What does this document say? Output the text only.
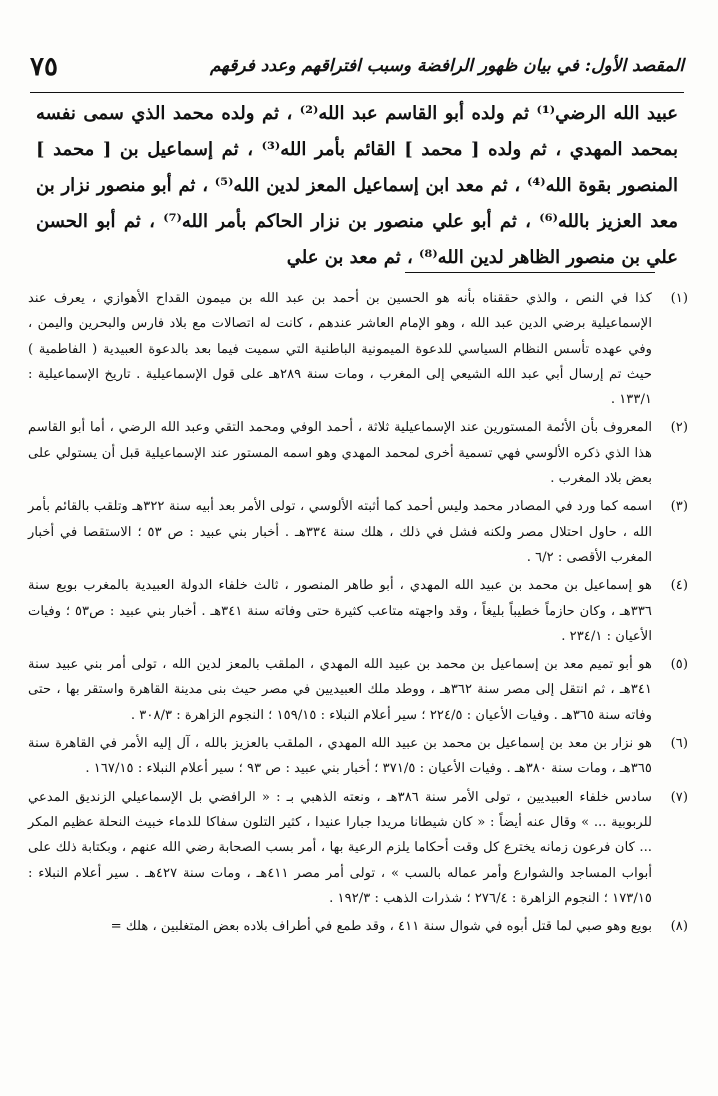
٧٥	المقصد الأول: في بيان ظهور الرافضة وسبب افتراقهم وعدد فرقهم

عبيد الله الرضي⁽¹⁾ ثم ولده أبو القاسم عبد الله⁽²⁾ ، ثم ولده محمد الذي سمى نفسه بمحمد المهدي ، ثم ولده [ محمد ] القائم بأمر الله⁽³⁾ ، ثم إسماعيل بن [ محمد ] المنصور بقوة الله⁽⁴⁾ ، ثم معد ابن إسماعيل المعز لدين الله⁽⁵⁾ ، ثم أبو منصور نزار بن معد العزيز بالله⁽⁶⁾ ، ثم أبو علي منصور بن نزار الحاكم بأمر الله⁽⁷⁾ ، ثم أبو الحسن علي بن منصور الظاهر لدين الله⁽⁸⁾ ، ثم معد بن علي

(١)
كذا في النص ، والذي حققناه بأنه هو الحسين بن أحمد بن عبد الله بن ميمون القداح الأهوازي ، يعرف عند الإسماعيلية برضي الدين عبد الله ، وهو الإمام العاشر عندهم ، كانت له اتصالات مع بلاد فارس والبحرين واليمن ، وفي عهده تأسس النظام السياسي للدعوة الميمونية الباطنية التي سميت فيما بعد بالدعوة العبيدية ( الفاطمية ) حيث تم إرسال أبي عبد الله الشيعي إلى المغرب ، ومات سنة ٢٨٩هـ على قول الإسماعيلية . تاريخ الإسماعيلية : ١٣٣/١ .
(٢)
المعروف بأن الأئمة المستورين عند الإسماعيلية ثلاثة ، أحمد الوفي ومحمد التقي وعبد الله الرضي ، أما أبو القاسم هذا الذي ذكره الألوسي فهي تسمية أخرى لمحمد المهدي وهو اسمه المستور عند الإسماعيلية قبل أن يستولي على بعض بلاد المغرب .
(٣)
اسمه كما ورد في المصادر محمد وليس أحمد كما أثبته الألوسي ، تولى الأمر بعد أبيه سنة ٣٢٢هـ وتلقب بالقائم بأمر الله ، حاول احتلال مصر ولكنه فشل في ذلك ، هلك سنة ٣٣٤هـ . أخبار بني عبيد : ص ٥٣ ؛ الاستقصا في أخبار المغرب الأقصى : ٦/٢ .
(٤)
هو إسماعيل بن محمد بن عبيد الله المهدي ، أبو طاهر المنصور ، ثالث خلفاء الدولة العبيدية بالمغرب بويع سنة ٣٣٦هـ ، وكان حازماً خطيباً بليغاً ، وقد واجهته متاعب كثيرة حتى وفاته سنة ٣٤١هـ . أخبار بني عبيد : ص٥٣ ؛ وفيات الأعيان : ٢٣٤/١ .
(٥)
هو أبو تميم معد بن إسماعيل بن محمد بن عبيد الله المهدي ، الملقب بالمعز لدين الله ، تولى أمر بني عبيد سنة ٣٤١هـ ، ثم انتقل إلى مصر سنة ٣٦٢هـ ، ووطد ملك العبيديين في مصر حيث بنى مدينة القاهرة واستقر بها ، حتى وفاته سنة ٣٦٥هـ . وفيات الأعيان : ٢٢٤/٥ ؛ سير أعلام النبلاء : ١٥٩/١٥ ؛ النجوم الزاهرة : ٣٠٨/٣ .
(٦)
هو نزار بن معد بن إسماعيل بن محمد بن عبيد الله المهدي ، الملقب بالعزيز بالله ، آل إليه الأمر في القاهرة سنة ٣٦٥هـ ، ومات سنة ٣٨٠هـ . وفيات الأعيان : ٣٧١/٥ ؛ أخبار بني عبيد : ص ٩٣ ؛ سير أعلام النبلاء : ١٦٧/١٥ .
(٧)
سادس خلفاء العبيديين ، تولى الأمر سنة ٣٨٦هـ ، ونعته الذهبي بـ : « الرافضي بل الإسماعيلي الزنديق المدعي للربوبية ... » وقال عنه أيضاً : « كان شيطانا مريدا جبارا عنيدا ، كثير التلون سفاكا للدماء خبيث النحلة عظيم المكر ... كان فرعون زمانه يخترع كل وقت أحكاما يلزم الرعية بها ، أمر بسب الصحابة رضي الله عنهم ، وبكتابة ذلك على أبواب المساجد والشوارع وأمر عماله بالسب » ، تولى أمر مصر ٤١١هـ ، ومات سنة ٤٢٧هـ . سير أعلام النبلاء : ١٧٣/١٥ ؛ النجوم الزاهرة : ٢٧٦/٤ ؛ شذرات الذهب : ١٩٢/٣ .
(٨)
بويع وهو صبي لما قتل أبوه في شوال سنة ٤١١ ، وقد طمع في أطراف بلاده بعض المتغلبين ، هلك =
